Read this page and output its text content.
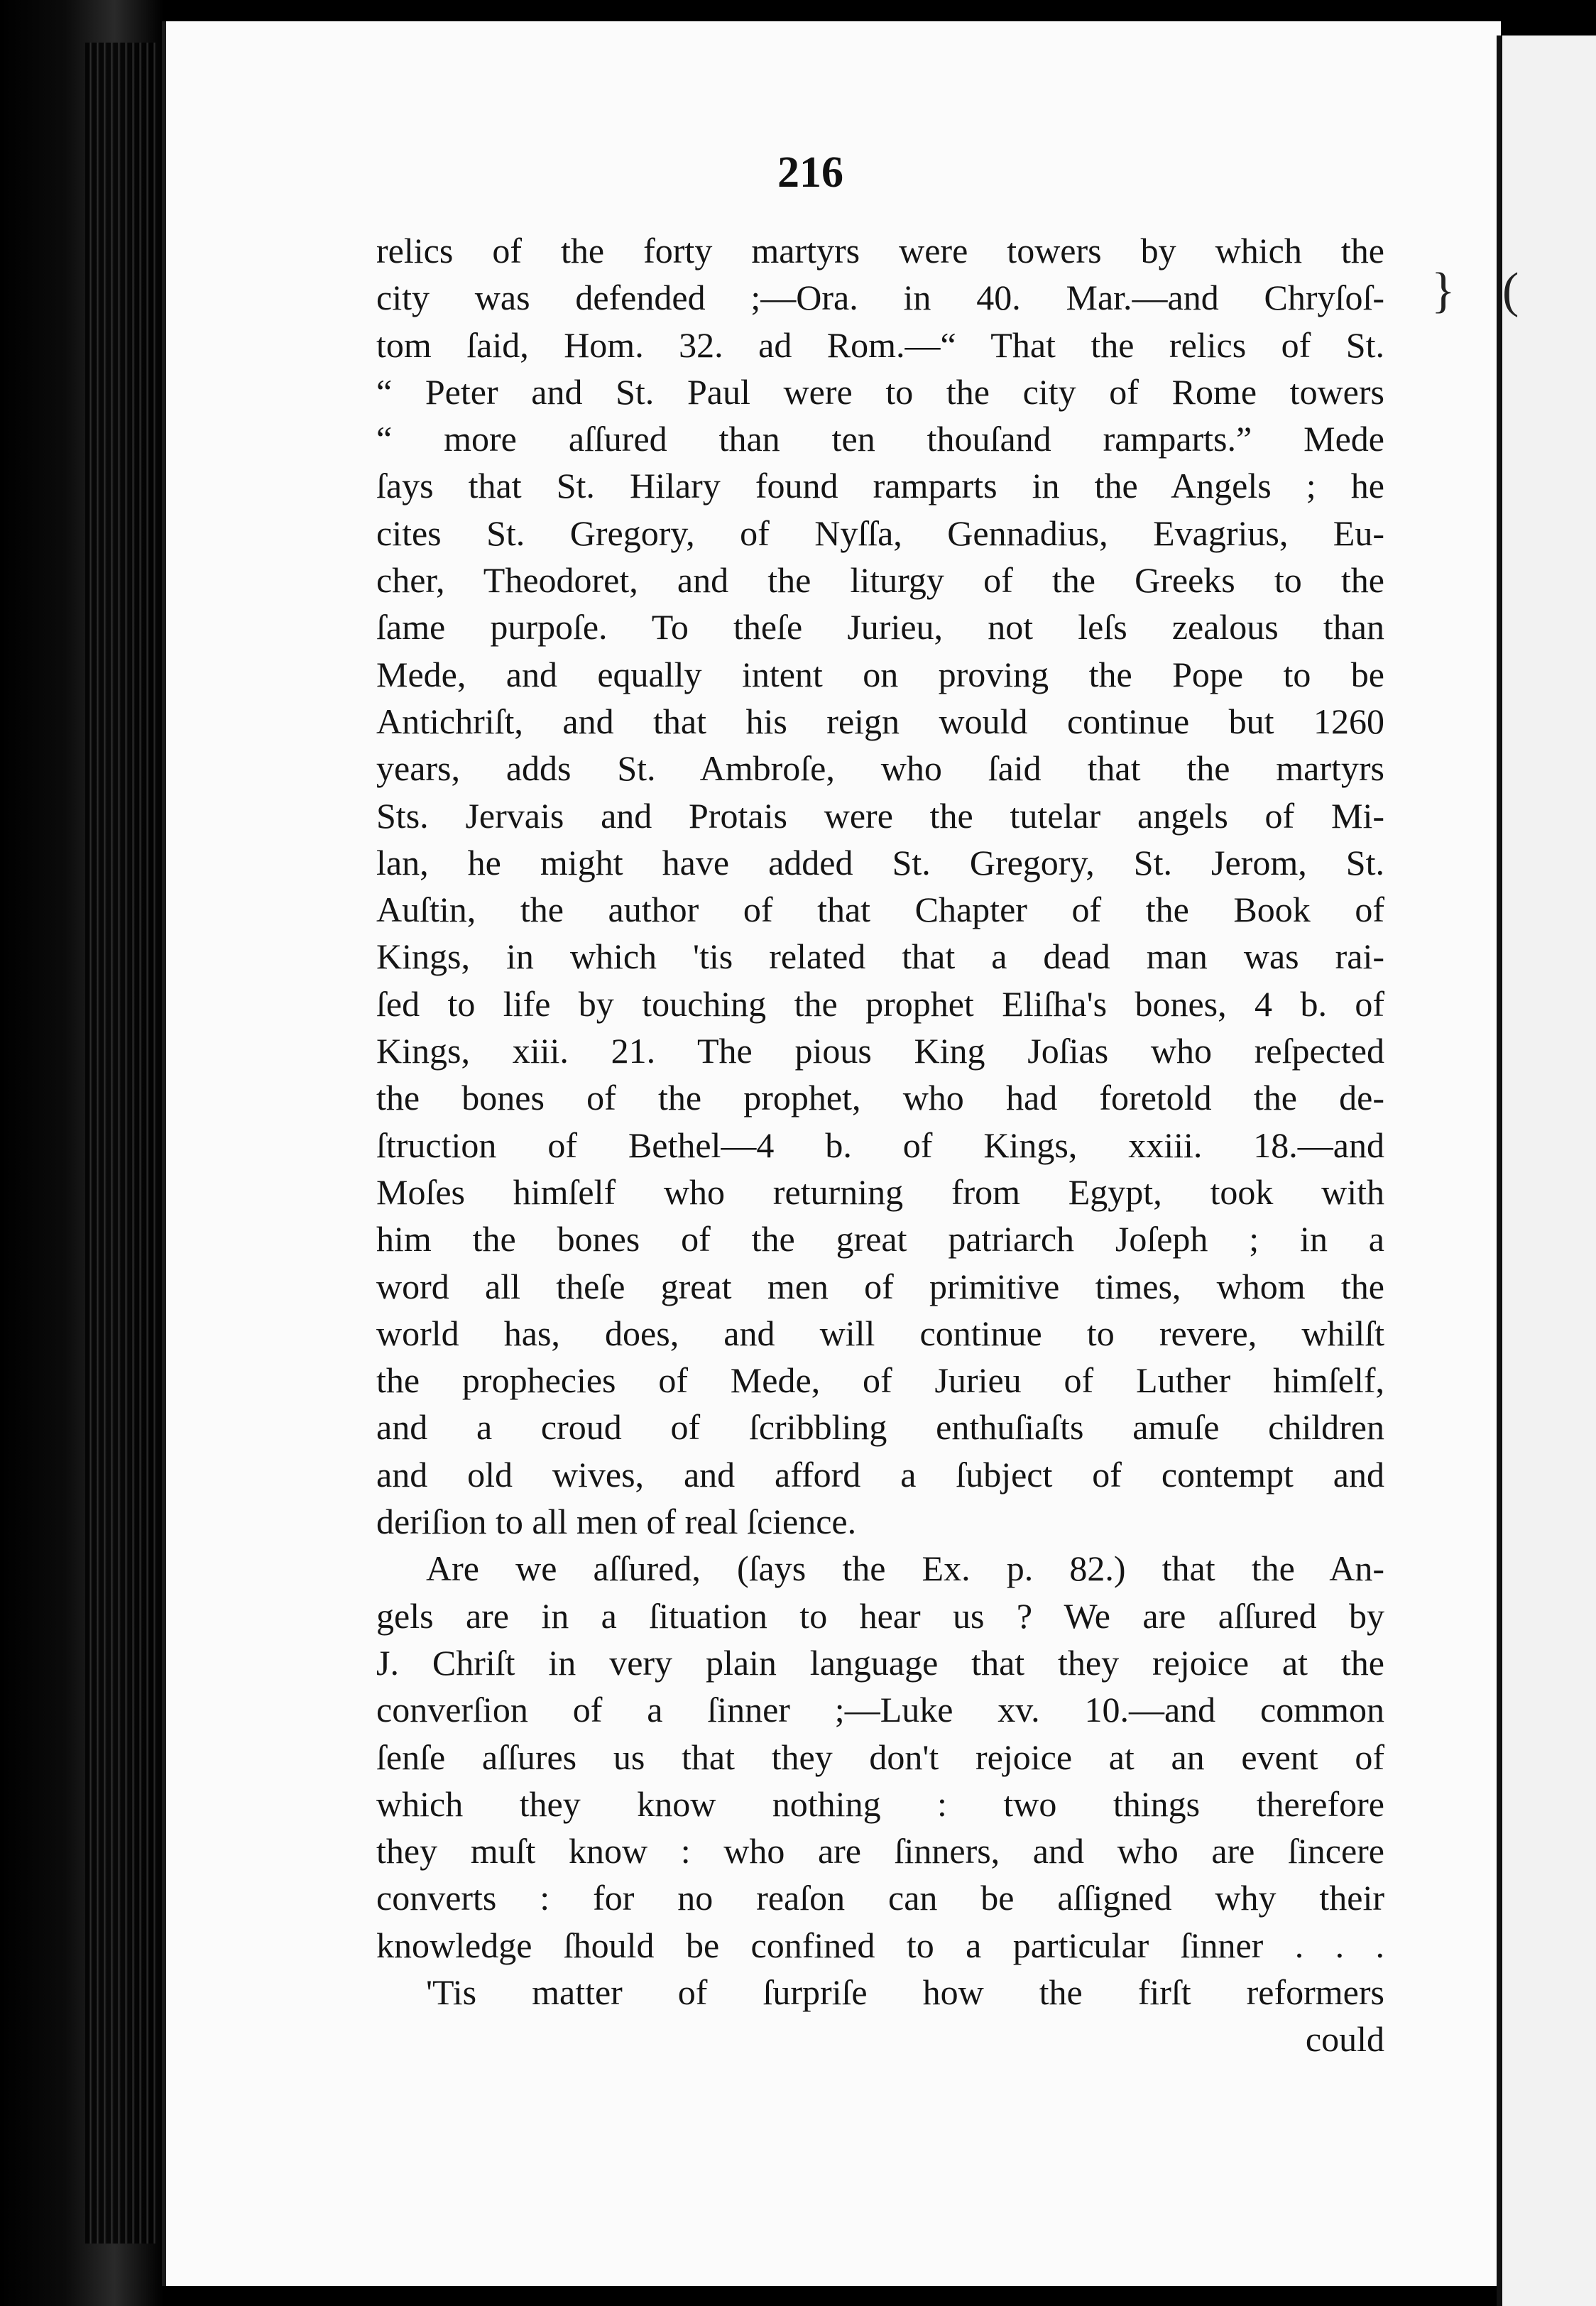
} (
216
relics of the forty martyrs were towers by which the
city was defended ;—Ora. in 40. Mar.—and Chryſoſ-
tom ſaid, Hom. 32. ad Rom.—“ That the relics of St.
“ Peter and St. Paul were to the city of Rome towers
“ more aſſured than ten thouſand ramparts.” Mede
ſays that St. Hilary found ramparts in the Angels ; he
cites St. Gregory, of Nyſſa, Gennadius, Evagrius, Eu-
cher, Theodoret, and the liturgy of the Greeks to the
ſame purpoſe. To theſe Jurieu, not leſs zealous than
Mede, and equally intent on proving the Pope to be
Antichriſt, and that his reign would continue but 1260
years, adds St. Ambroſe, who ſaid that the martyrs
Sts. Jervais and Protais were the tutelar angels of Mi-
lan, he might have added St. Gregory, St. Jerom, St.
Auſtin, the author of that Chapter of the Book of
Kings, in which 'tis related that a dead man was rai-
ſed to life by touching the prophet Eliſha's bones, 4 b. of
Kings, xiii. 21. The pious King Joſias who reſpected
the bones of the prophet, who had foretold the de-
ſtruction of Bethel—4 b. of Kings, xxiii. 18.—and
Moſes himſelf who returning from Egypt, took with
him the bones of the great patriarch Joſeph ; in a
word all theſe great men of primitive times, whom the
world has, does, and will continue to revere, whilſt
the prophecies of Mede, of Jurieu of Luther himſelf,
and a croud of ſcribbling enthuſiaſts amuſe children
and old wives, and afford a ſubject of contempt and
deriſion to all men of real ſcience.
Are we aſſured, (ſays the Ex. p. 82.) that the An-
gels are in a ſituation to hear us ? We are aſſured by
J. Chriſt in very plain language that they rejoice at the
converſion of a ſinner ;—Luke xv. 10.—and common
ſenſe aſſures us that they don't rejoice at an event of
which they know nothing : two things therefore
they muſt know : who are ſinners, and who are ſincere
converts : for no reaſon can be aſſigned why their
knowledge ſhould be confined to a particular ſinner . . .
'Tis matter of ſurpriſe how the firſt reformers
could
